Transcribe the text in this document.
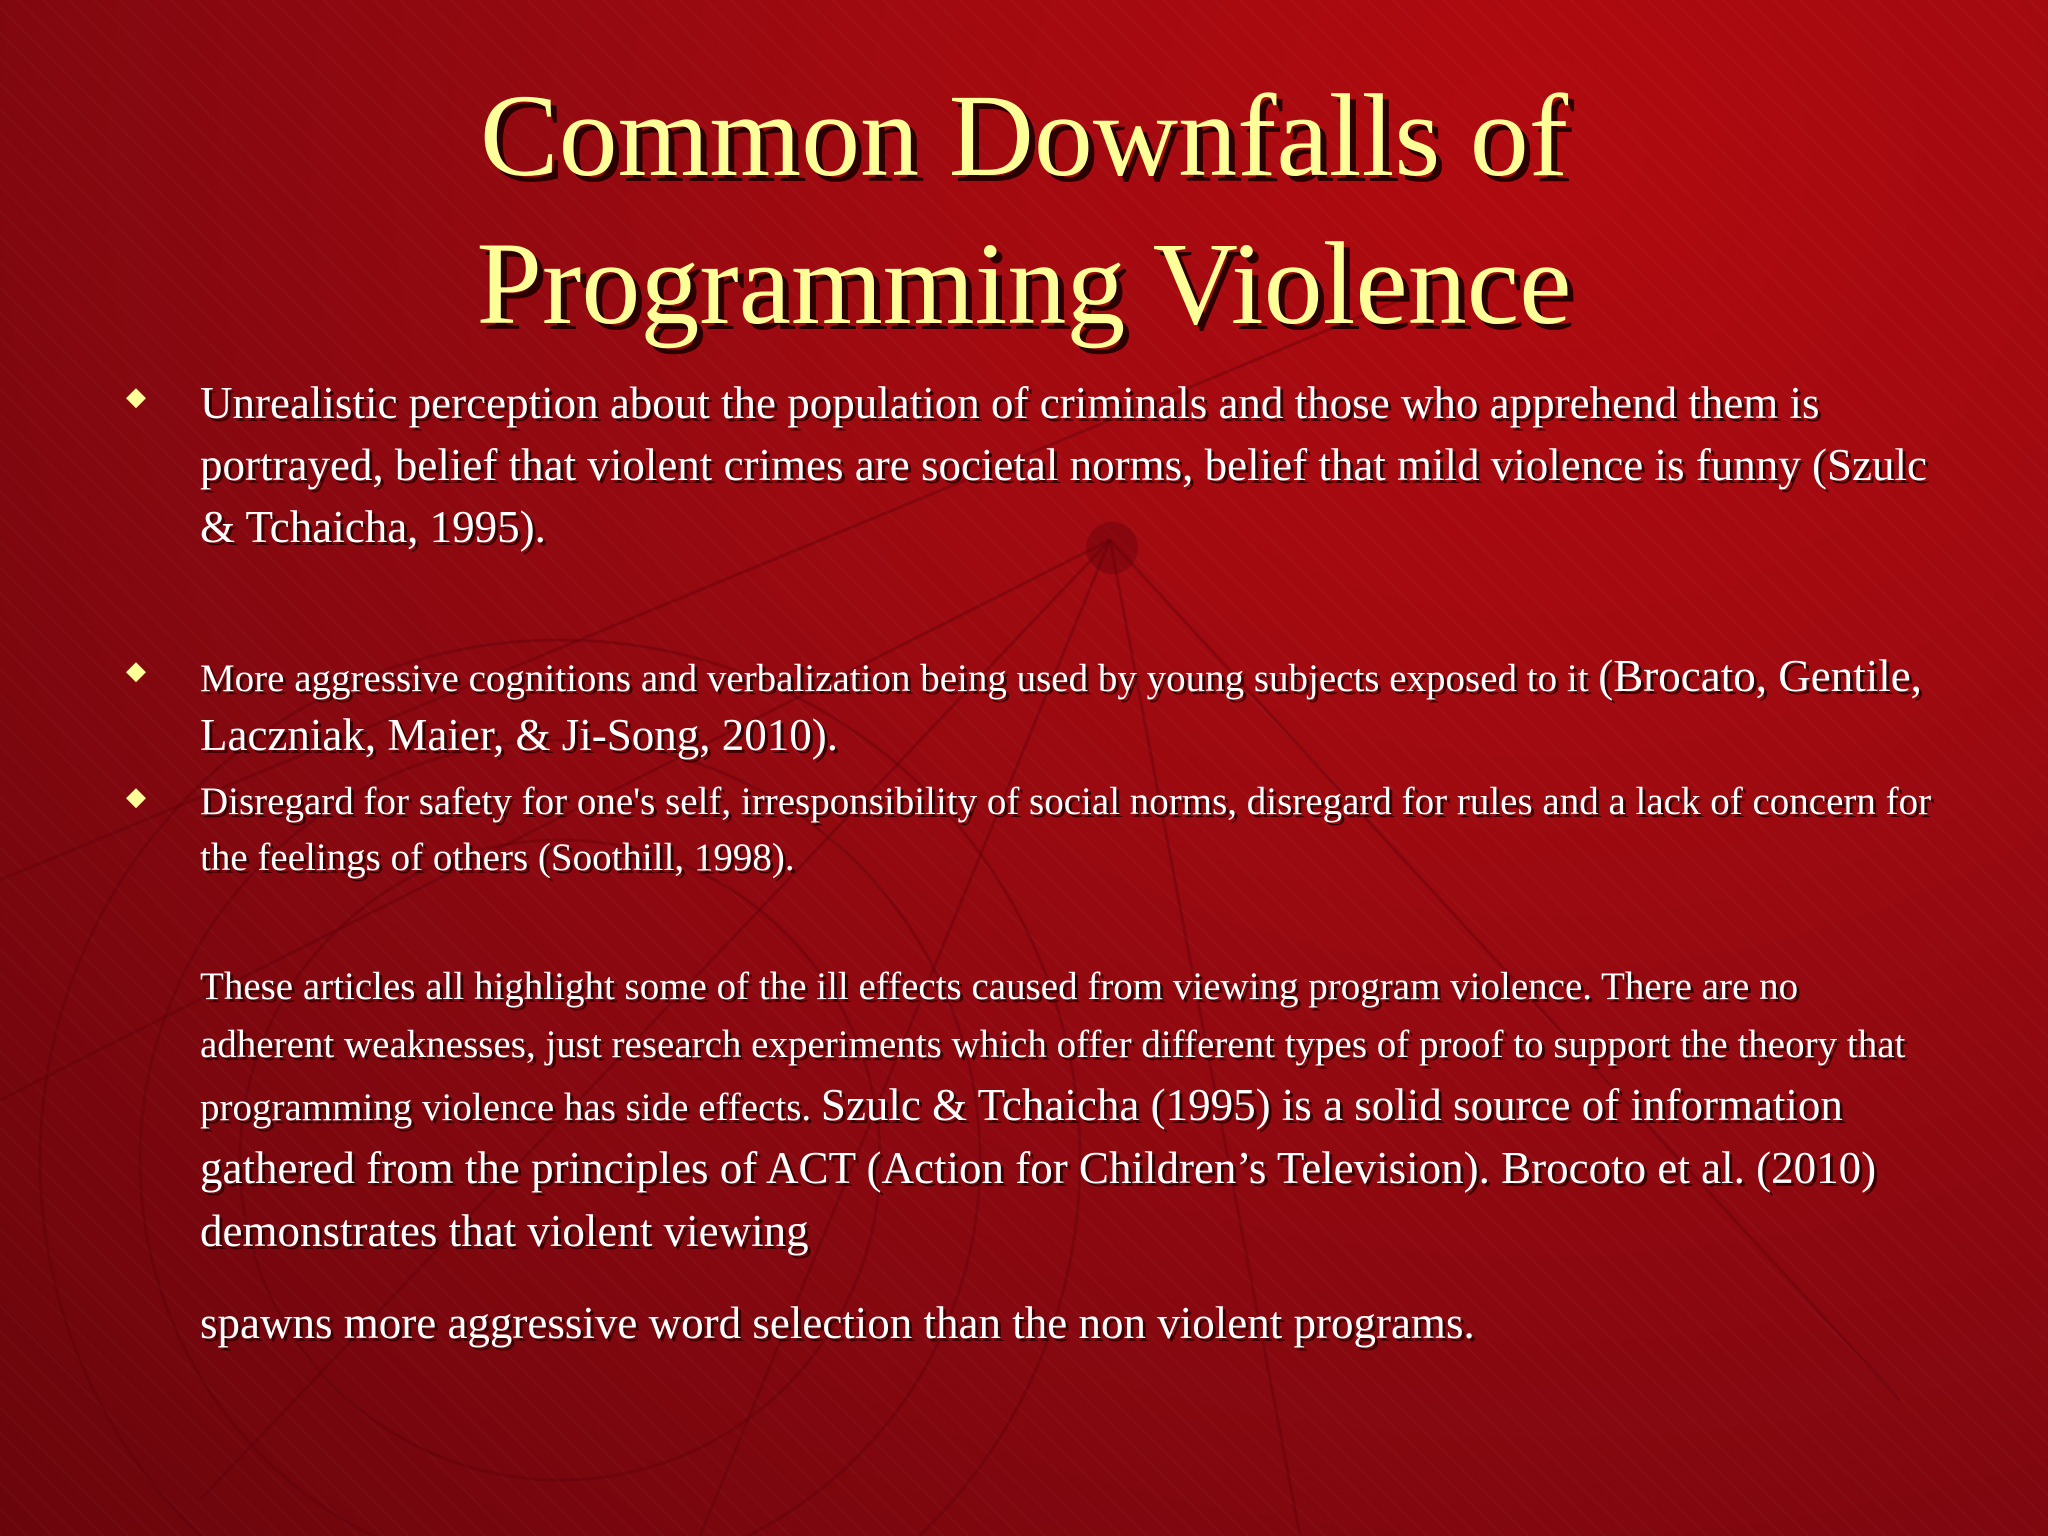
Common Downfalls of
Programming Violence
◆ Unrealistic perception about the population of criminals and those who apprehend them is portrayed, belief that violent crimes are societal norms, belief that mild violence is funny (Szulc & Tchaicha, 1995).

◆ More aggressive cognitions and verbalization being used by young subjects exposed to it (Brocato, Gentile, Laczniak, Maier, & Ji-Song, 2010).

◆ Disregard for safety for one's self, irresponsibility of social norms, disregard for rules and a lack of concern for the feelings of others (Soothill, 1998).

These articles all highlight some of the ill effects caused from viewing program violence. There are no adherent weaknesses, just research experiments which offer different types of proof to support the theory that programming violence has side effects. Szulc & Tchaicha (1995) is a solid source of information gathered from the principles of ACT (Action for Children’s Television). Brocoto et al. (2010) demonstrates that violent viewing

spawns more aggressive word selection than the non violent programs.
